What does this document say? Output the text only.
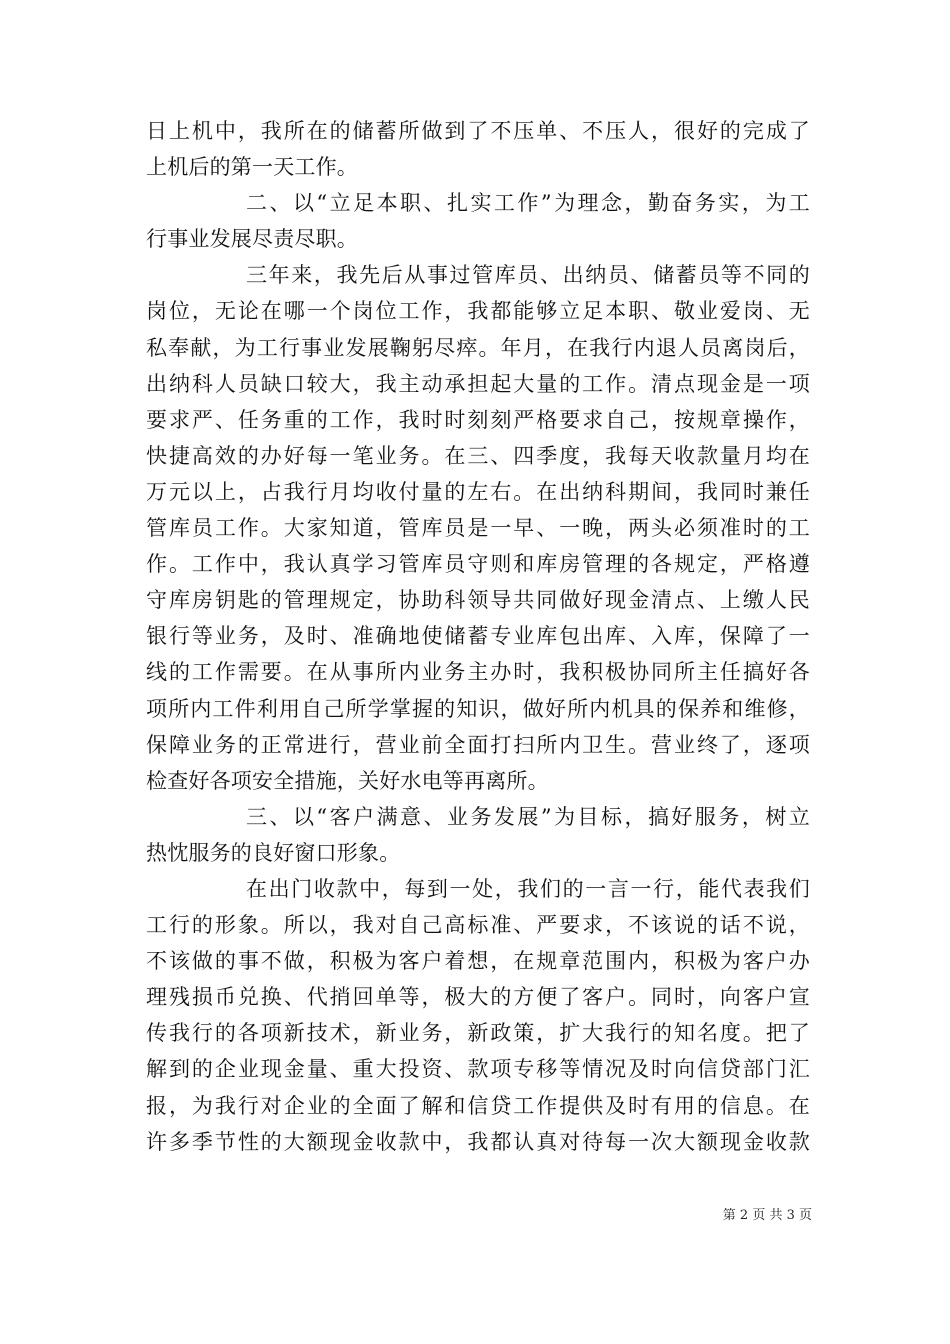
日上机中，我所在的储蓄所做到了不压单、不压人，很好的完成了
上机后的第一天工作。
二、以“立足本职、扎实工作”为理念，勤奋务实，为工
行事业发展尽责尽职。
三年来，我先后从事过管库员、出纳员、储蓄员等不同的
岗位，无论在哪一个岗位工作，我都能够立足本职、敬业爱岗、无
私奉献，为工行事业发展鞠躬尽瘁。年月，在我行内退人员离岗后，
出纳科人员缺口较大，我主动承担起大量的工作。清点现金是一项
要求严、任务重的工作，我时时刻刻严格要求自己，按规章操作，
快捷高效的办好每一笔业务。在三、四季度，我每天收款量月均在
万元以上，占我行月均收付量的左右。在出纳科期间，我同时兼任
管库员工作。大家知道，管库员是一早、一晚，两头必须准时的工
作。工作中，我认真学习管库员守则和库房管理的各规定，严格遵
守库房钥匙的管理规定，协助科领导共同做好现金清点、上缴人民
银行等业务，及时、准确地使储蓄专业库包出库、入库，保障了一
线的工作需要。在从事所内业务主办时，我积极协同所主任搞好各
项所内工件利用自己所学掌握的知识，做好所内机具的保养和维修，
保障业务的正常进行，营业前全面打扫所内卫生。营业终了，逐项
检查好各项安全措施，关好水电等再离所。
三、以“客户满意、业务发展”为目标，搞好服务，树立
热忱服务的良好窗口形象。
在出门收款中，每到一处，我们的一言一行，能代表我们
工行的形象。所以，我对自己高标准、严要求，不该说的话不说，
不该做的事不做，积极为客户着想，在规章范围内，积极为客户办
理残损币兑换、代捎回单等，极大的方便了客户。同时，向客户宣
传我行的各项新技术，新业务，新政策，扩大我行的知名度。把了
解到的企业现金量、重大投资、款项专移等情况及时向信贷部门汇
报，为我行对企业的全面了解和信贷工作提供及时有用的信息。在
许多季节性的大额现金收款中，我都认真对待每一次大额现金收款
第 2 页 共 3 页
